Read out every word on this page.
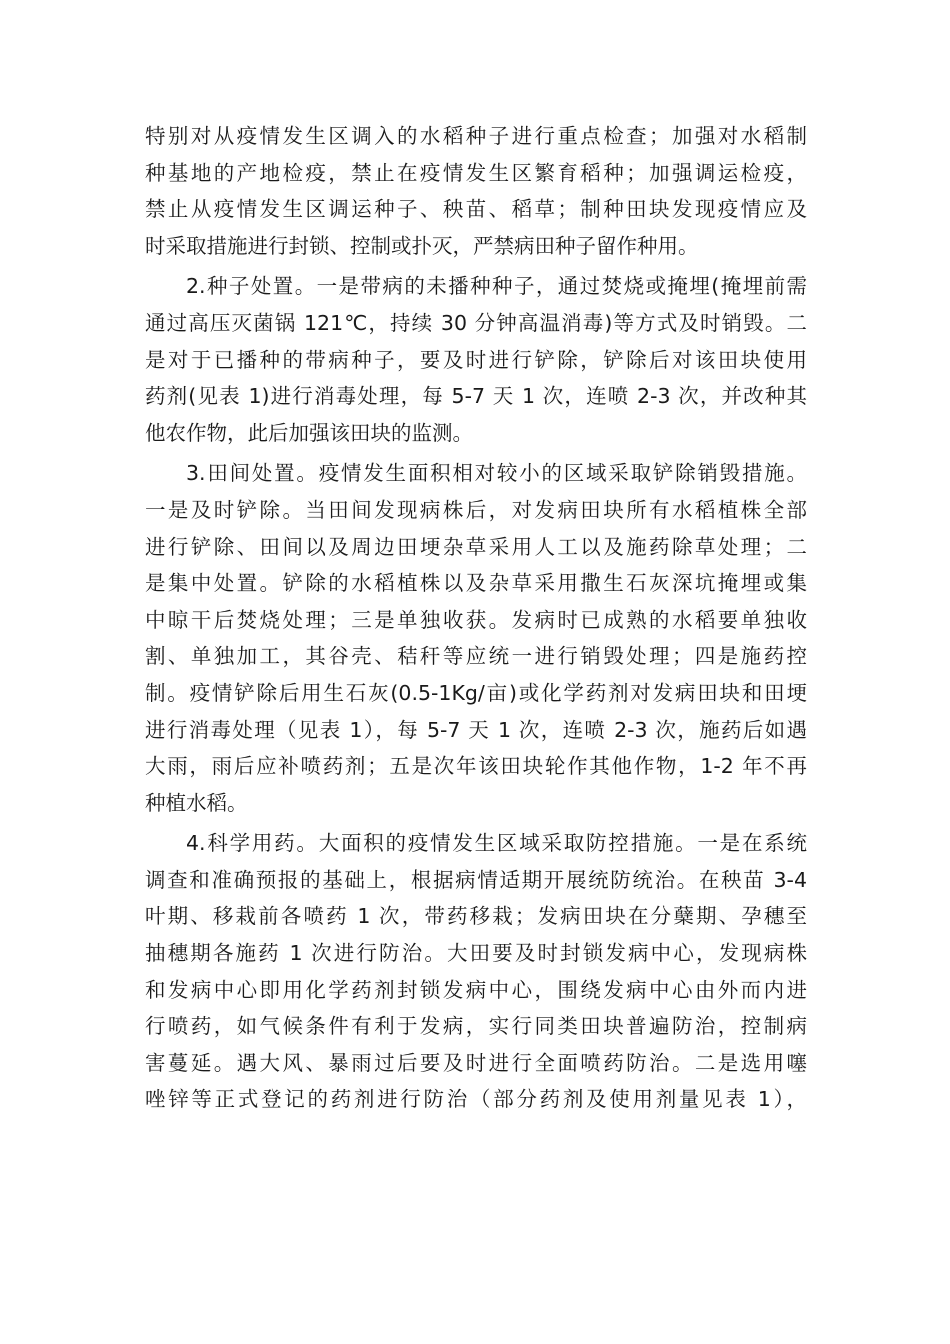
特别对从疫情发生区调入的水稻种子进行重点检查；加强对水稻制
种基地的产地检疫，禁止在疫情发生区繁育稻种；加强调运检疫，
禁止从疫情发生区调运种子、秧苗、稻草；制种田块发现疫情应及
时采取措施进行封锁、控制或扑灭，严禁病田种子留作种用。

2.种子处置。一是带病的未播种种子，通过焚烧或掩埋(掩埋前需
通过高压灭菌锅 121℃，持续 30 分钟高温消毒)等方式及时销毁。二
是对于已播种的带病种子，要及时进行铲除，铲除后对该田块使用
药剂(见表 1)进行消毒处理，每 5-7 天 1 次，连喷 2-3 次，并改种其
他农作物，此后加强该田块的监测。

3.田间处置。疫情发生面积相对较小的区域采取铲除销毁措施。
一是及时铲除。当田间发现病株后，对发病田块所有水稻植株全部
进行铲除、田间以及周边田埂杂草采用人工以及施药除草处理；二
是集中处置。铲除的水稻植株以及杂草采用撒生石灰深坑掩埋或集
中晾干后焚烧处理；三是单独收获。发病时已成熟的水稻要单独收
割、单独加工，其谷壳、秸秆等应统一进行销毁处理；四是施药控
制。疫情铲除后用生石灰(0.5-1Kg/亩)或化学药剂对发病田块和田埂
进行消毒处理（见表 1），每 5-7 天 1 次，连喷 2-3 次，施药后如遇
大雨，雨后应补喷药剂；五是次年该田块轮作其他作物，1-2 年不再
种植水稻。

4.科学用药。大面积的疫情发生区域采取防控措施。一是在系统
调查和准确预报的基础上，根据病情适期开展统防统治。在秧苗 3-4
叶期、移栽前各喷药 1 次，带药移栽；发病田块在分蘖期、孕穗至
抽穗期各施药 1 次进行防治。大田要及时封锁发病中心，发现病株
和发病中心即用化学药剂封锁发病中心，围绕发病中心由外而内进
行喷药，如气候条件有利于发病，实行同类田块普遍防治，控制病
害蔓延。遇大风、暴雨过后要及时进行全面喷药防治。二是选用噻
唑锌等正式登记的药剂进行防治（部分药剂及使用剂量见表 1），
